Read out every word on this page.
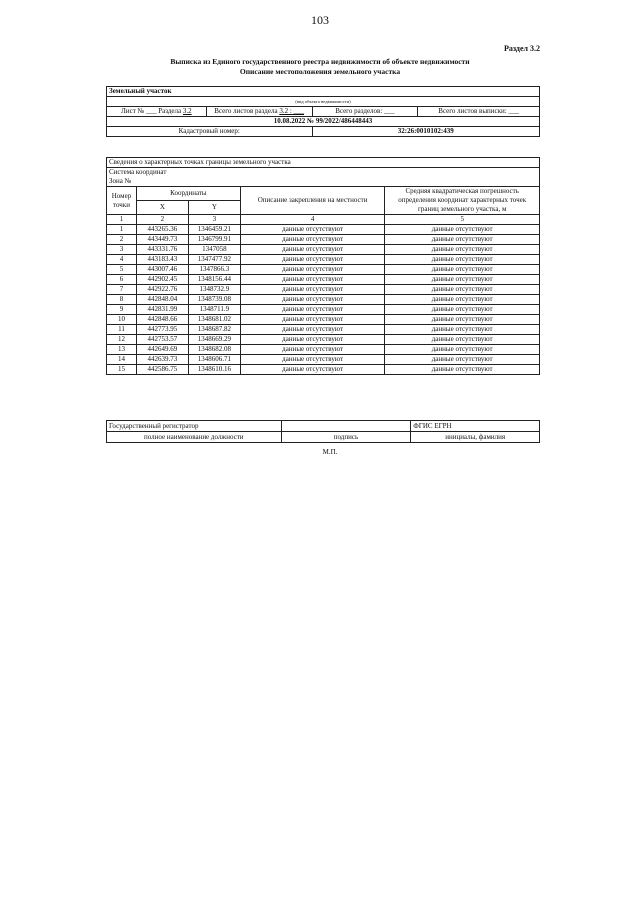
103
Раздел 3.2
Выписка из Единого государственного реестра недвижимости об объекте недвижимости
Описание местоположения земельного участка
Земельный участок			
(вид объекта недвижимости)			
Лист № ___ Раздела 3.2	Всего листов раздела 3.2 : ___	Всего разделов: ___	Всего листов выписки: ___
10.08.2022 № 99/2022/486448443			
Кадастровый номер:		32:26:0010102:439	
Сведения о характерных точках границы земельного участка				

Система координат
Зона №				

Номер точки	Координаты		Описание закрепления на местности	Средняя квадратическая погрешность определения координат характерных точек границ земельного участка, м
	X	Y		
1	2	3	4	5
1	443265.36	1346459.21	данные отсутствуют	данные отсутствуют
2	443449.73	1346799.91	данные отсутствуют	данные отсутствуют
3	443331.76	1347058	данные отсутствуют	данные отсутствуют
4	443183.43	1347477.92	данные отсутствуют	данные отсутствуют
5	443007.46	1347866.3	данные отсутствуют	данные отсутствуют
6	442902.45	1348156.44	данные отсутствуют	данные отсутствуют
7	442922.76	1348732.9	данные отсутствуют	данные отсутствуют
8	442848.04	1348739.08	данные отсутствуют	данные отсутствуют
9	442831.99	1348711.9	данные отсутствуют	данные отсутствуют
10	442848.66	1348681.02	данные отсутствуют	данные отсутствуют
11	442773.95	1348687.82	данные отсутствуют	данные отсутствуют
12	442753.57	1348669.29	данные отсутствуют	данные отсутствуют
13	442649.69	1348682.08	данные отсутствуют	данные отсутствуют
14	442639.73	1348606.71	данные отсутствуют	данные отсутствуют
15	442586.75	1348610.16	данные отсутствуют	данные отсутствуют
Государственный регистратор		ФГИС ЕГРН
полное наименование должности	подпись	инициалы, фамилия
М.П.
